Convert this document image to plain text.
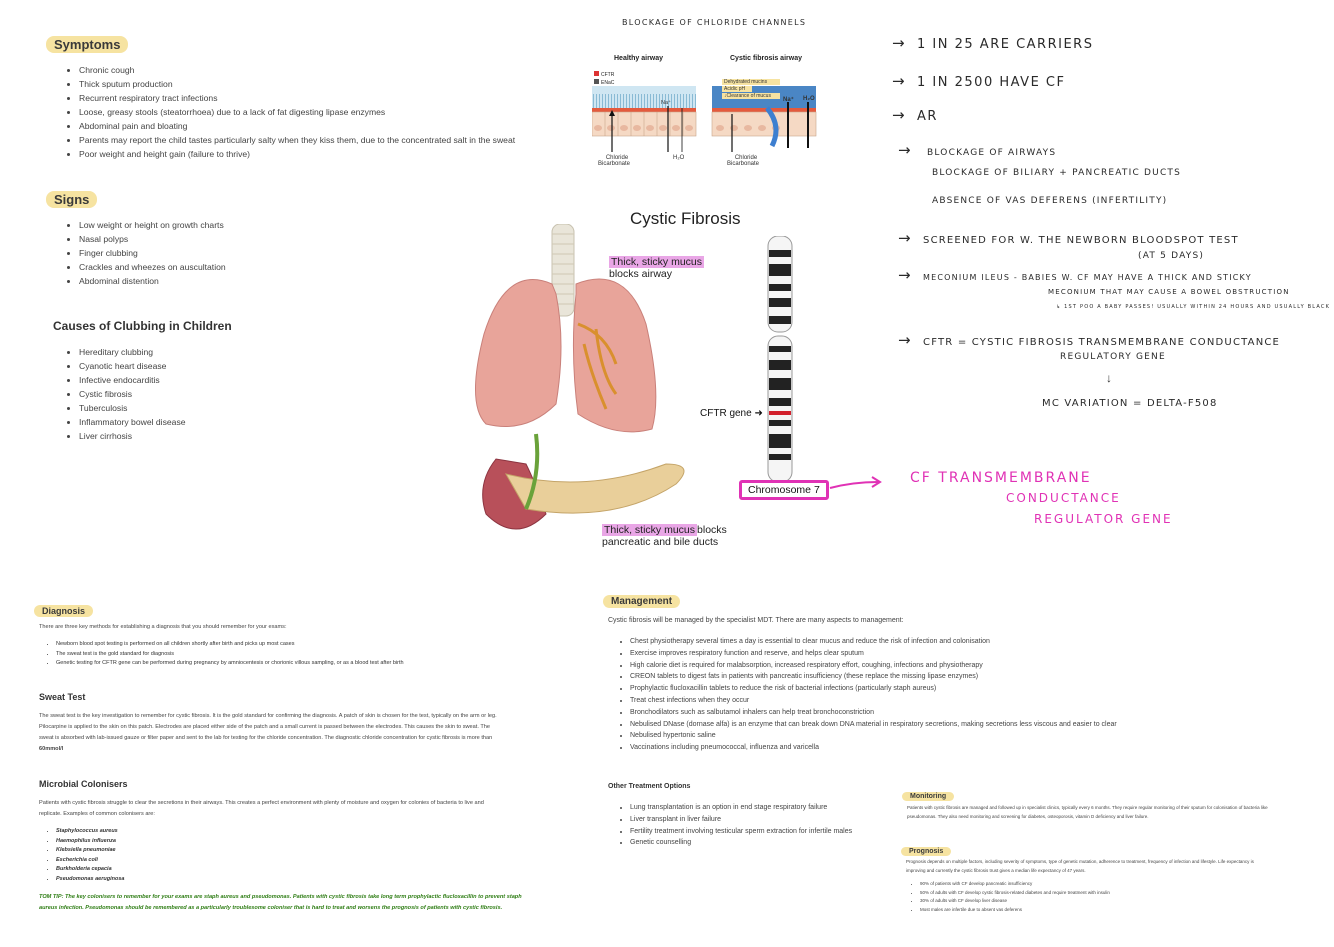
Symptoms
• Chronic cough
• Thick sputum production
• Recurrent respiratory tract infections
• Loose, greasy stools (steatorrhoea) due to a lack of fat digesting lipase enzymes
• Abdominal pain and bloating
• Parents may report the child tastes particularly salty when they kiss them, due to the concentrated salt in the sweat
• Poor weight and height gain (failure to thrive)
Signs
• Low weight or height on growth charts
• Nasal polyps
• Finger clubbing
• Crackles and wheezes on auscultation
• Abdominal distention
Causes of Clubbing in Children
• Hereditary clubbing
• Cyanotic heart disease
• Infective endocarditis
• Cystic fibrosis
• Tuberculosis
• Inflammatory bowel disease
• Liver cirrhosis
BLOCKAGE OF CHLORIDE CHANNELS
Healthy airway	Cystic fibrosis airway
CFTR
ENaC	Dehydrated mucins
Acidic pH
↓Clearance of mucus
Na⁺	Na⁺ H₂O
H₂O
Chloride
Bicarbonate
Chloride
Bicarbonate
Cystic Fibrosis
Thick, sticky mucus
blocks airway
Thick, sticky mucus blocks
pancreatic and bile ducts
CFTR gene ➜
Chromosome 7
→ 1 IN 25 ARE CARRIERS
→ 1 IN 2500 HAVE CF
→ AR
→ BLOCKAGE OF AIRWAYS
BLOCKAGE OF BILIARY + PANCREATIC DUCTS
ABSENCE OF VAS DEFERENS (INFERTILITY)
→ SCREENED FOR W. THE NEWBORN BLOODSPOT TEST
(AT 5 DAYS)
→ MECONIUM ILEUS - BABIES W. CF MAY HAVE A THICK AND STICKY
MECONIUM THAT MAY CAUSE A BOWEL OBSTRUCTION
↳ 1ST POO A BABY PASSES! USUALLY WITHIN 24 HOURS AND USUALLY BLACK
→ CFTR = CYSTIC FIBROSIS TRANSMEMBRANE CONDUCTANCE
REGULATORY GENE
↓
MC VARIATION = DELTA-F508
CF TRANSMEMBRANE
CONDUCTANCE
REGULATOR GENE
Diagnosis
There are three key methods for establishing a diagnosis that you should remember for your exams:
• Newborn blood spot testing is performed on all children shortly after birth and picks up most cases
• The sweat test is the gold standard for diagnosis
• Genetic testing for CFTR gene can be performed during pregnancy by amniocentesis or chorionic villous sampling, or as a blood test after birth
Sweat Test
The sweat test is the key investigation to remember for cystic fibrosis. It is the gold standard for confirming the diagnosis. A patch of skin is chosen for the test, typically on the arm or leg.
Pilocarpine is applied to the skin on this patch. Electrodes are placed either side of the patch and a small current is passed between the electrodes. This causes the skin to sweat. The
sweat is absorbed with lab-issued gauze or filter paper and sent to the lab for testing for the chloride concentration. The diagnostic chloride concentration for cystic fibrosis is more than
60mmol/l
Microbial Colonisers
Patients with cystic fibrosis struggle to clear the secretions in their airways. This creates a perfect environment with plenty of moisture and oxygen for colonies of bacteria to live and
replicate. Examples of common colonisers are:
• Staphylococcus aureus
• Haemophilus influenza
• Klebsiella pneumoniae
• Escherichia coli
• Burkholderia cepacia
• Pseudomonas aeruginosa
TOM TIP: The key colonisers to remember for your exams are staph aureus and pseudomonas. Patients with cystic fibrosis take long term prophylactic flucloxacillin to prevent staph
aureus infection. Pseudomonas should be remembered as a particularly troublesome coloniser that is hard to treat and worsens the prognosis of patients with cystic fibrosis.
Management
Cystic fibrosis will be managed by the specialist MDT. There are many aspects to management:
• Chest physiotherapy several times a day is essential to clear mucus and reduce the risk of infection and colonisation
• Exercise improves respiratory function and reserve, and helps clear sputum
• High calorie diet is required for malabsorption, increased respiratory effort, coughing, infections and physiotherapy
• CREON tablets to digest fats in patients with pancreatic insufficiency (these replace the missing lipase enzymes)
• Prophylactic flucloxacillin tablets to reduce the risk of bacterial infections (particularly staph aureus)
• Treat chest infections when they occur
• Bronchodilators such as salbutamol inhalers can help treat bronchoconstriction
• Nebulised DNase (dornase alfa) is an enzyme that can break down DNA material in respiratory secretions, making secretions less viscous and easier to clear
• Nebulised hypertonic saline
• Vaccinations including pneumococcal, influenza and varicella
Other Treatment Options
• Lung transplantation is an option in end stage respiratory failure
• Liver transplant in liver failure
• Fertility treatment involving testicular sperm extraction for infertile males
• Genetic counselling
Monitoring
Patients with cystic fibrosis are managed and followed up in specialist clinics, typically every 6 months. They require regular monitoring of their sputum for colonisation of bacteria like
pseudomonas. They also need monitoring and screening for diabetes, osteoporosis, vitamin D deficiency and liver failure.
Prognosis
Prognosis depends on multiple factors, including severity of symptoms, type of genetic mutation, adherence to treatment, frequency of infection and lifestyle. Life expectancy is
improving and currently the cystic fibrosis trust gives a median life expectancy of 47 years.
• 90% of patients with CF develop pancreatic insufficiency
• 50% of adults with CF develop cystic fibrosis-related diabetes and require treatment with insulin
• 30% of adults with CF develop liver disease
• Most males are infertile due to absent vas deferens
